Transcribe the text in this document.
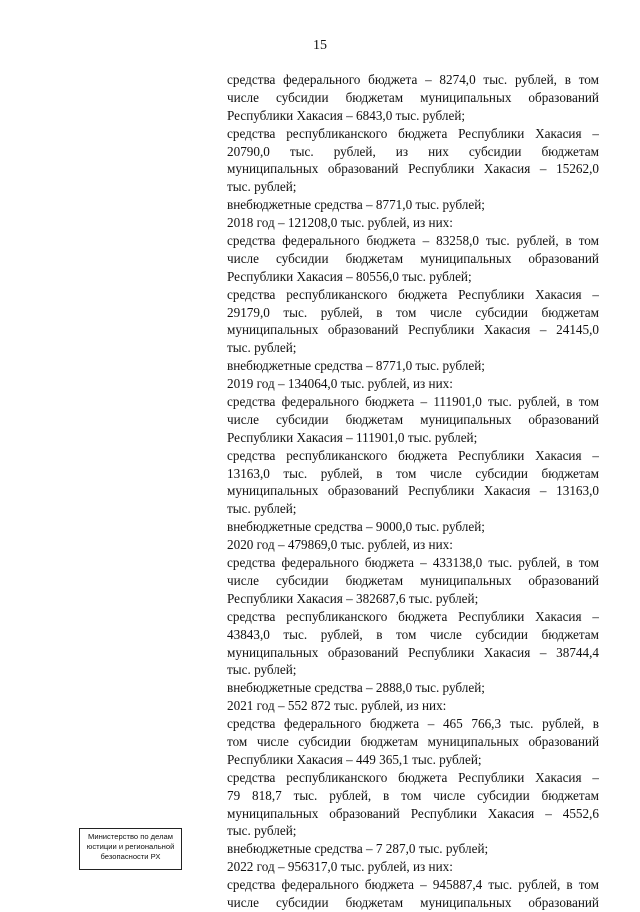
15
средства федерального бюджета – 8274,0 тыс. рублей, в том
числе субсидии бюджетам муниципальных образований
Республики Хакасия – 6843,0 тыс. рублей;
средства республиканского бюджета Республики Хакасия –
20790,0 тыс. рублей, из них субсидии бюджетам
муниципальных образований Республики Хакасия – 15262,0
тыс. рублей;
внебюджетные средства – 8771,0 тыс. рублей;
2018 год – 121208,0 тыс. рублей, из них:
средства федерального бюджета – 83258,0 тыс. рублей, в том
числе субсидии бюджетам муниципальных образований
Республики Хакасия – 80556,0 тыс. рублей;
средства республиканского бюджета Республики Хакасия –
29179,0 тыс. рублей, в том числе субсидии бюджетам
муниципальных образований Республики Хакасия – 24145,0
тыс. рублей;
внебюджетные средства – 8771,0 тыс. рублей;
2019 год – 134064,0 тыс. рублей, из них:
средства федерального бюджета – 111901,0 тыс. рублей, в том
числе субсидии бюджетам муниципальных образований
Республики Хакасия – 111901,0 тыс. рублей;
средства республиканского бюджета Республики Хакасия –
13163,0 тыс. рублей, в том числе субсидии бюджетам
муниципальных образований Республики Хакасия – 13163,0
тыс. рублей;
внебюджетные средства – 9000,0 тыс. рублей;
2020 год – 479869,0 тыс. рублей, из них:
средства федерального бюджета – 433138,0 тыс. рублей, в том
числе субсидии бюджетам муниципальных образований
Республики Хакасия – 382687,6 тыс. рублей;
средства республиканского бюджета Республики Хакасия –
43843,0 тыс. рублей, в том числе субсидии бюджетам
муниципальных образований Республики Хакасия – 38744,4
тыс. рублей;
внебюджетные средства – 2888,0 тыс. рублей;
2021 год – 552 872 тыс. рублей, из них:
средства федерального бюджета – 465 766,3 тыс. рублей, в
том числе субсидии бюджетам муниципальных образований
Республики Хакасия – 449 365,1 тыс. рублей;
средства республиканского бюджета Республики Хакасия –
79 818,7 тыс. рублей, в том числе субсидии бюджетам
муниципальных образований Республики Хакасия – 4552,6
тыс. рублей;
внебюджетные средства – 7 287,0 тыс. рублей;
2022 год – 956317,0 тыс. рублей, из них:
средства федерального бюджета – 945887,4 тыс. рублей, в том
числе субсидии бюджетам муниципальных образований
Министерство по делам
юстиции и региональной
безопасности РХ
